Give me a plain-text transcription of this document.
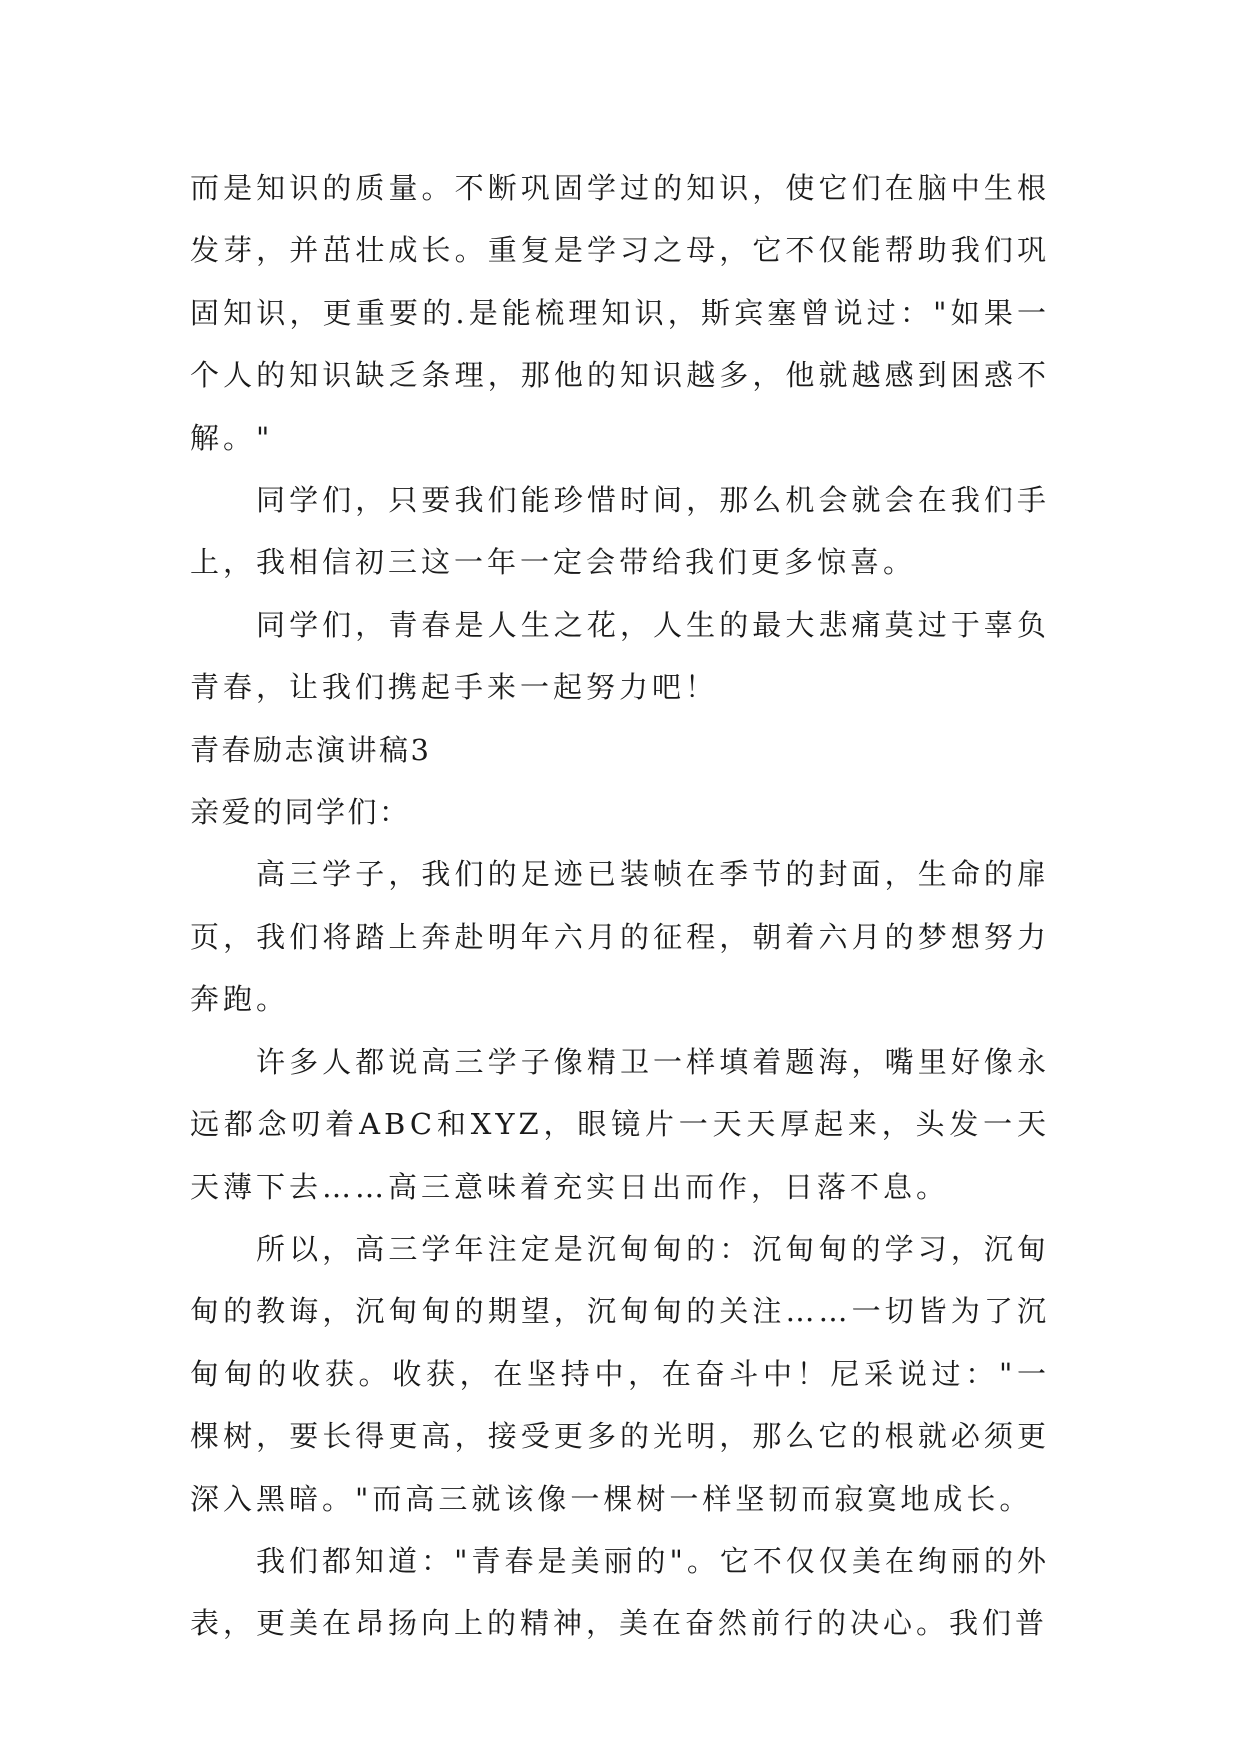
而是知识的质量。不断巩固学过的知识，使它们在脑中生根发芽，并茁壮成长。重复是学习之母，它不仅能帮助我们巩固知识，更重要的.是能梳理知识，斯宾塞曾说过："如果一个人的知识缺乏条理，那他的知识越多，他就越感到困惑不解。"

同学们，只要我们能珍惜时间，那么机会就会在我们手上，我相信初三这一年一定会带给我们更多惊喜。

同学们，青春是人生之花，人生的最大悲痛莫过于辜负青春，让我们携起手来一起努力吧！

青春励志演讲稿3

亲爱的同学们：

高三学子，我们的足迹已装帧在季节的封面，生命的扉页，我们将踏上奔赴明年六月的征程，朝着六月的梦想努力奔跑。

许多人都说高三学子像精卫一样填着题海，嘴里好像永远都念叨着ABC和XYZ，眼镜片一天天厚起来，头发一天天薄下去……高三意味着充实日出而作，日落不息。

所以，高三学年注定是沉甸甸的：沉甸甸的学习，沉甸甸的教诲，沉甸甸的期望，沉甸甸的关注……一切皆为了沉甸甸的收获。收获，在坚持中，在奋斗中！尼采说过："一棵树，要长得更高，接受更多的光明，那么它的根就必须更深入黑暗。"而高三就该像一棵树一样坚韧而寂寞地成长。

我们都知道："青春是美丽的"。它不仅仅美在绚丽的外表，更美在昂扬向上的精神，美在奋然前行的决心。我们普
